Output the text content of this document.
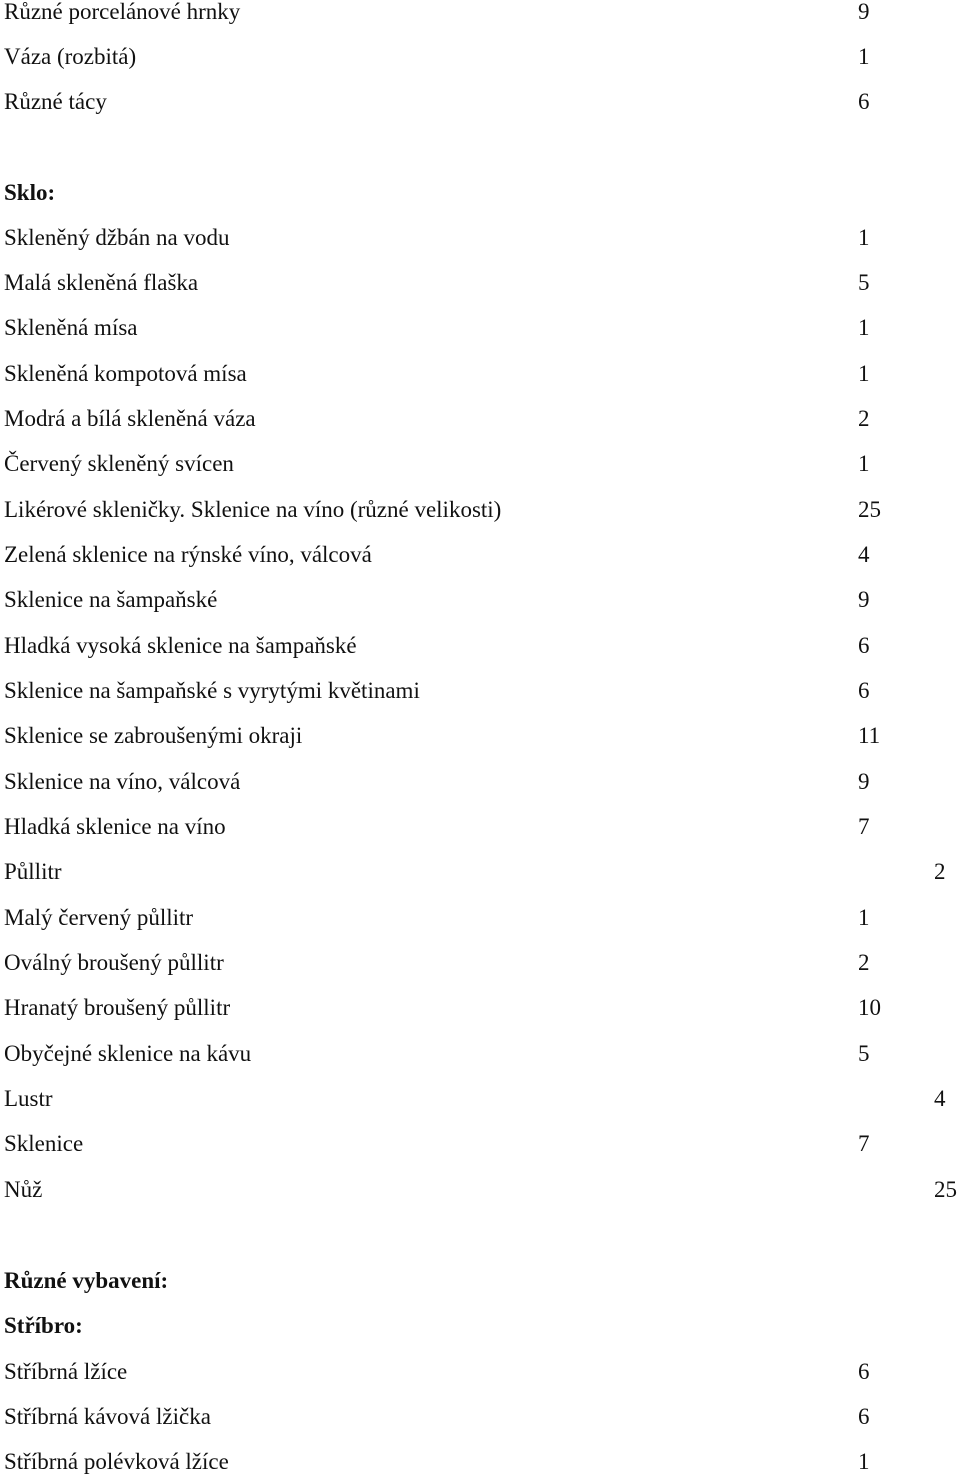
Různé porcelánové hrnky	9
Váza (rozbitá)	1
Různé tácy	6
Sklo:
Skleněný džbán na vodu	1
Malá skleněná flaška	5
Skleněná mísa	1
Skleněná kompotová mísa	1
Modrá a bílá skleněná váza	2
Červený skleněný svícen	1
Likérové skleničky. Sklenice na víno (různé velikosti)	25
Zelená sklenice na rýnské víno, válcová	4
Sklenice na šampaňské	9
Hladká vysoká sklenice na šampaňské	6
Sklenice na šampaňské s vyrytými květinami	6
Sklenice se zabroušenými okraji	11
Sklenice na víno, válcová	9
Hladká sklenice na víno	7
Půllitr	2
Malý červený půllitr	1
Oválný broušený půllitr	2
Hranatý broušený půllitr	10
Obyčejné sklenice na kávu	5
Lustr	4
Sklenice	7
Nůž	25
Různé vybavení:
Stříbro:
Stříbrná lžíce	6
Stříbrná kávová lžička	6
Stříbrná polévková lžíce	1
